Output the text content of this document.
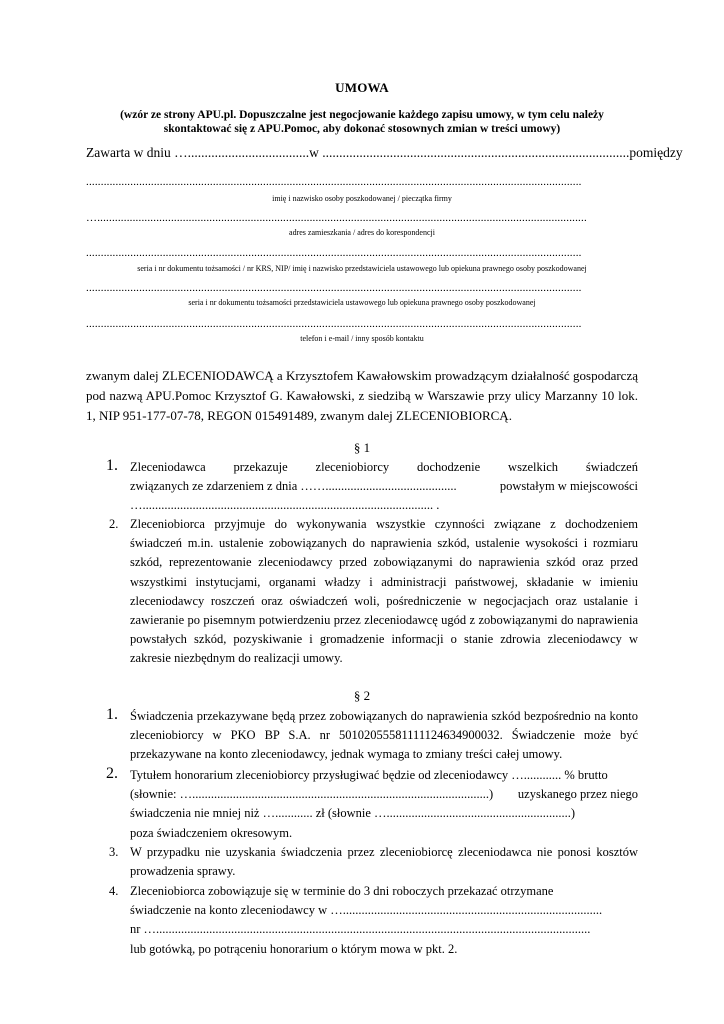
UMOWA
(wzór ze strony APU.pl. Dopuszczalne jest negocjowanie każdego zapisu umowy, w tym celu należy skontaktować się z APU.Pomoc, aby dokonać stosownych zmian w treści umowy)
Zawarta w dniu ….................................... w ........................................................................................... pomiędzy
........................................................................................................................................................................
imię i nazwisko osoby poszkodowanej / pieczątka firmy
…......................................................................................................................................................................
adres zamieszkania / adres do korespondencji
........................................................................................................................................................................
seria i nr dokumentu tożsamości / nr KRS, NIP/ imię i nazwisko przedstawiciela ustawowego lub opiekuna prawnego osoby poszkodowanej
........................................................................................................................................................................
seria i nr dokumentu tożsamości przedstawiciela ustawowego lub opiekuna prawnego osoby poszkodowanej
........................................................................................................................................................................
telefon i e-mail / inny sposób kontaktu
zwanym dalej ZLECENIODAWCĄ a Krzysztofem Kawałowskim prowadzącym działalność gospodarczą pod nazwą APU.Pomoc Krzysztof G. Kawałowski, z siedzibą w Warszawie przy ulicy Marzanny 10 lok. 1, NIP 951-177-07-78, REGON 015491489, zwanym dalej ZLECENIOBIORCĄ.
§ 1
1. Zleceniodawca przekazuje zleceniobiorcy dochodzenie wszelkich świadczeń

związanych ze zdarzeniem z dnia ……..........................................	powstałym w miejscowości

…............................................................................................. .

2. Zleceniobiorca przyjmuje do wykonywania wszystkie czynności związane z dochodzeniem świadczeń m.in. ustalenie zobowiązanych do naprawienia szkód, ustalenie wysokości i rozmiaru szkód, reprezentowanie zleceniodawcy przed zobowiązanymi do naprawienia szkód oraz przed wszystkimi instytucjami, organami władzy i administracji państwowej, składanie w imieniu zleceniodawcy roszczeń oraz oświadczeń woli, pośredniczenie w negocjacjach oraz ustalanie i zawieranie po pisemnym potwierdzeniu przez zleceniodawcę ugód z zobowiązanymi do naprawienia powstałych szkód, pozyskiwanie i gromadzenie informacji o stanie zdrowia zleceniodawcy w zakresie niezbędnym do realizacji umowy.
§ 2
1. Świadczenia przekazywane będą przez zobowiązanych do naprawienia szkód bezpośrednio na konto zleceniobiorcy w PKO BP S.A. nr 50102055581111124634900032. Świadczenie może być przekazywane na konto zleceniodawcy, jednak wymaga to zmiany treści całej umowy.
2. Tytułem honorarium zleceniobiorcy przysługiwać będzie od zleceniodawcy …............ % brutto

(słownie: …...............................................................................................) uzyskanego przez niego

świadczenia nie mniej niż …............ zł (słownie …...........................................................)

poza świadczeniem okresowym.

3. W przypadku nie uzyskania świadczenia przez zleceniobiorcę zleceniodawca nie ponosi kosztów prowadzenia sprawy.
4. Zleceniobiorca zobowiązuje się w terminie do 3 dni roboczych przekazać otrzymane

świadczenie na konto zleceniodawcy w …...................................................................................

nr …...........................................................................................................................................

lub gotówką, po potrąceniu honorarium o którym mowa w pkt. 2.
